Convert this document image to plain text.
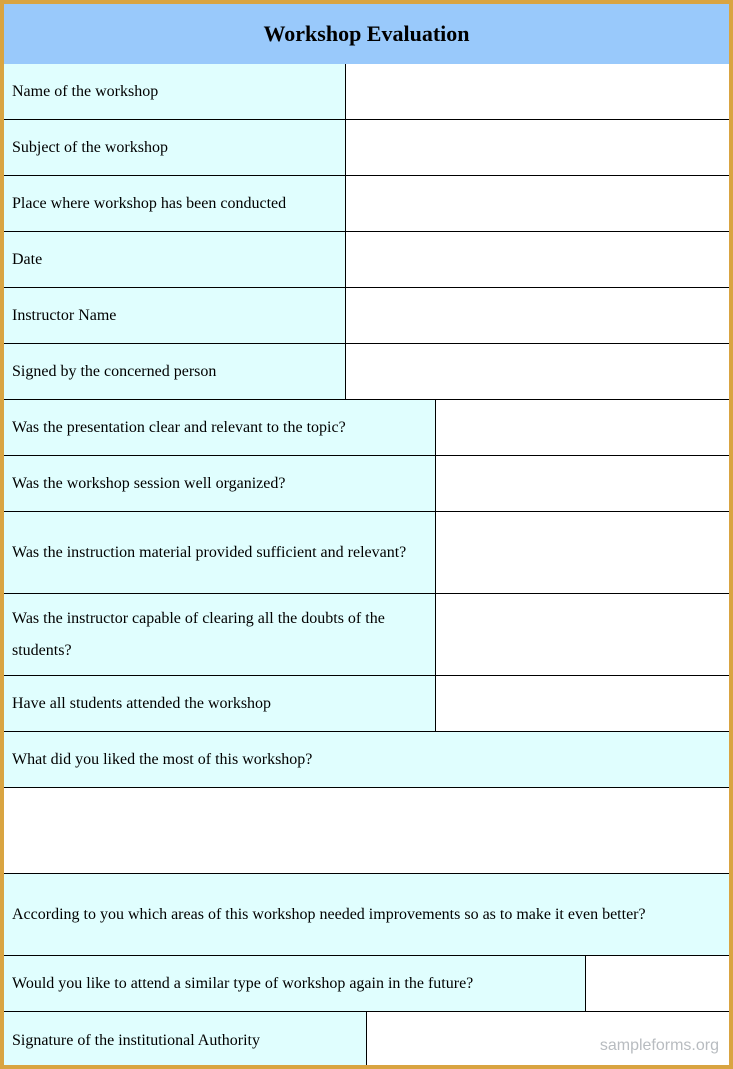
Workshop Evaluation
Name of the workshop
Subject of the workshop
Place where workshop has been conducted
Date
Instructor Name
Signed by the concerned person
Was the presentation clear and relevant to the topic?
Was the workshop session well organized?
Was the instruction material provided sufficient and relevant?
Was the instructor capable of clearing all the doubts of the students?
Have all students attended the workshop
What did you liked the most of this workshop?
According to you which areas of this workshop needed improvements so as to make it even better?
Would you like to attend a similar type of workshop again in the future?
Signature of the institutional Authority	sampleforms.org
